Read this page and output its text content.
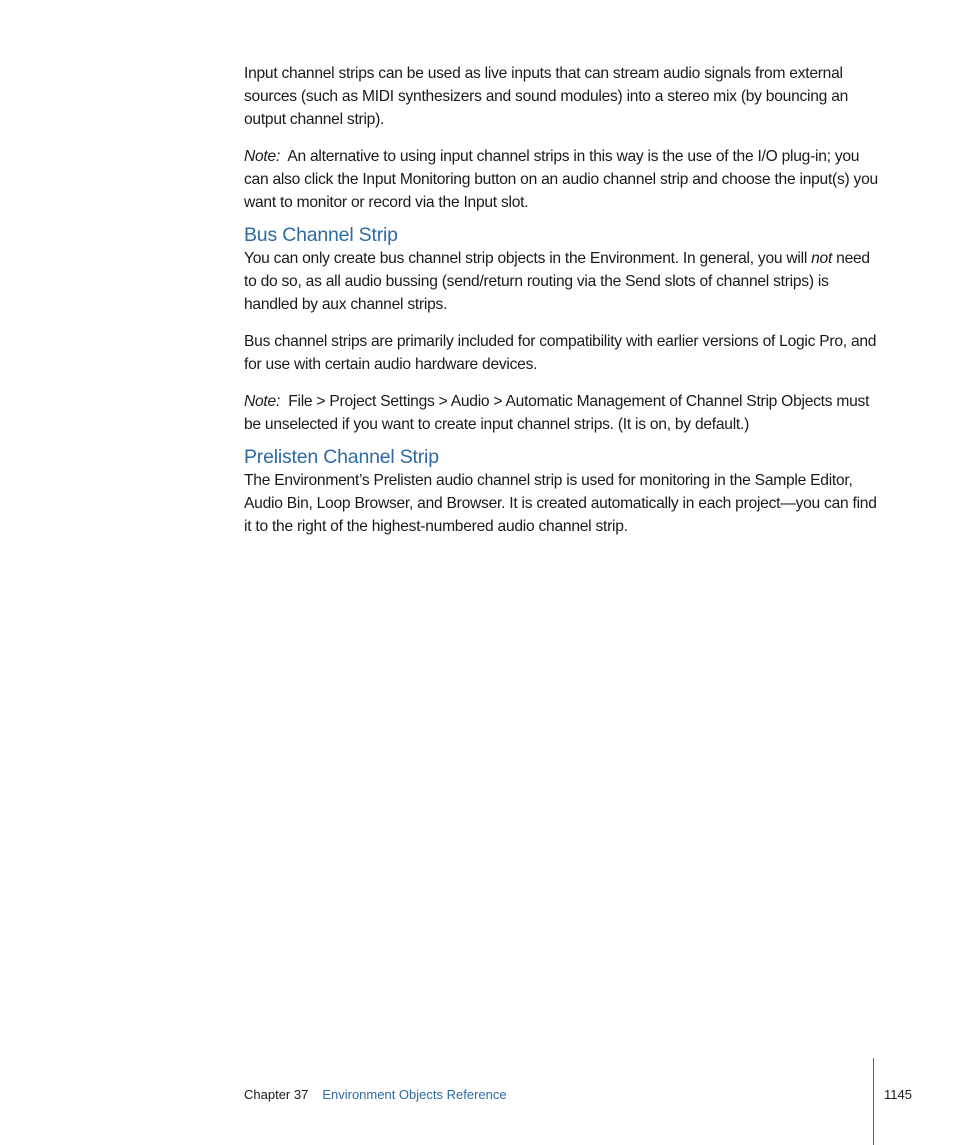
Input channel strips can be used as live inputs that can stream audio signals from external sources (such as MIDI synthesizers and sound modules) into a stereo mix (by bouncing an output channel strip).

Note: An alternative to using input channel strips in this way is the use of the I/O plug-in; you can also click the Input Monitoring button on an audio channel strip and choose the input(s) you want to monitor or record via the Input slot.

Bus Channel Strip

You can only create bus channel strip objects in the Environment. In general, you will not need to do so, as all audio bussing (send/return routing via the Send slots of channel strips) is handled by aux channel strips.

Bus channel strips are primarily included for compatibility with earlier versions of Logic Pro, and for use with certain audio hardware devices.

Note: File > Project Settings > Audio > Automatic Management of Channel Strip Objects must be unselected if you want to create input channel strips. (It is on, by default.)

Prelisten Channel Strip

The Environment’s Prelisten audio channel strip is used for monitoring in the Sample Editor, Audio Bin, Loop Browser, and Browser. It is created automatically in each project—you can find it to the right of the highest-numbered audio channel strip.

Chapter 37 Environment Objects Reference	1145
